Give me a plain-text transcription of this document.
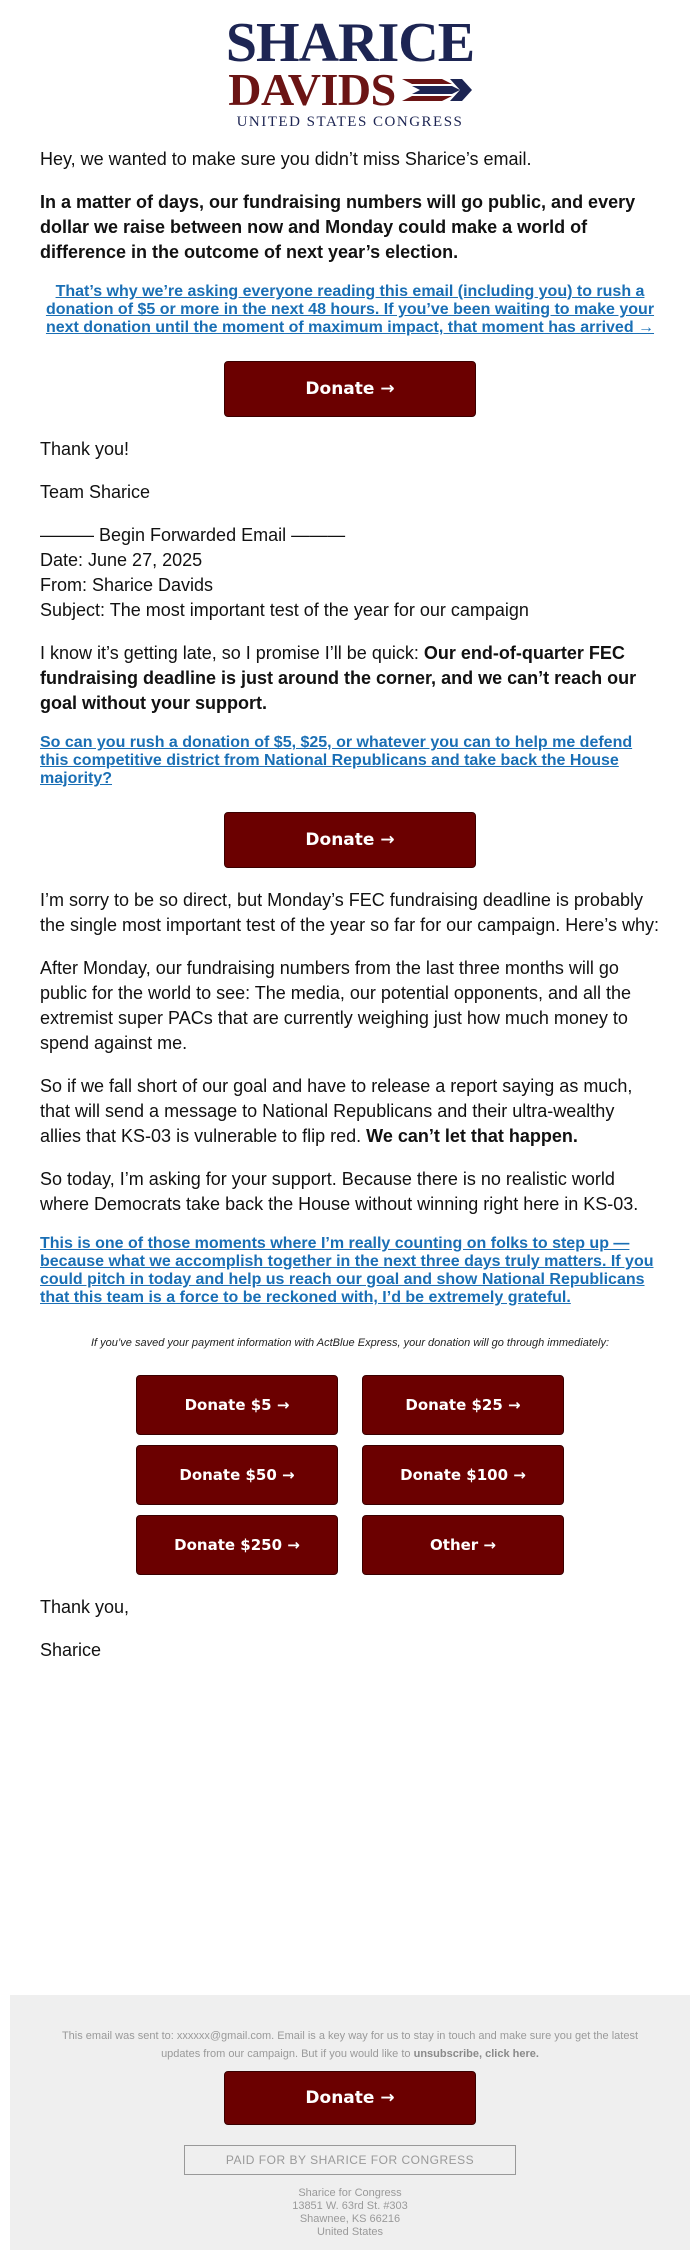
SHARICE
DAVIDS
UNITED STATES CONGRESS

Hey, we wanted to make sure you didn’t miss Sharice’s email.

In a matter of days, our fundraising numbers will go public, and every dollar we raise between now and Monday could make a world of difference in the outcome of next year’s election.

That’s why we’re asking everyone reading this email (including you) to rush a donation of $5 or more in the next 48 hours. If you’ve been waiting to make your next donation until the moment of maximum impact, that moment has arrived →
Donate →

Thank you!

Team Sharice

——— Begin Forwarded Email ———
Date: June 27, 2025
From: Sharice Davids
Subject: The most important test of the year for our campaign

I know it’s getting late, so I promise I’ll be quick: Our end-of-quarter FEC fundraising deadline is just around the corner, and we can’t reach our goal without your support.

So can you rush a donation of $5, $25, or whatever you can to help me defend this competitive district from National Republicans and take back the House majority?
Donate →

I’m sorry to be so direct, but Monday’s FEC fundraising deadline is probably the single most important test of the year so far for our campaign. Here’s why:

After Monday, our fundraising numbers from the last three months will go public for the world to see: The media, our potential opponents, and all the extremist super PACs that are currently weighing just how much money to spend against me.

So if we fall short of our goal and have to release a report saying as much, that will send a message to National Republicans and their ultra-wealthy allies that KS-03 is vulnerable to flip red. We can’t let that happen.

So today, I’m asking for your support. Because there is no realistic world where Democrats take back the House without winning right here in KS-03.

This is one of those moments where I’m really counting on folks to step up — because what we accomplish together in the next three days truly matters. If you could pitch in today and help us reach our goal and show National Republicans that this team is a force to be reckoned with, I’d be extremely grateful.
If you’ve saved your payment information with ActBlue Express, your donation will go through immediately:
Donate $5 →	Donate $25 →
Donate $50 →	Donate $100 →
Donate $250 →	Other →

Thank you,

Sharice

This email was sent to: xxxxxx@gmail.com. Email is a key way for us to stay in touch and make sure you get the latest updates from our campaign. But if you would like to unsubscribe, click here.
Donate →
PAID FOR BY SHARICE FOR CONGRESS
Sharice for Congress
13851 W. 63rd St. #303
Shawnee, KS 66216
United States
